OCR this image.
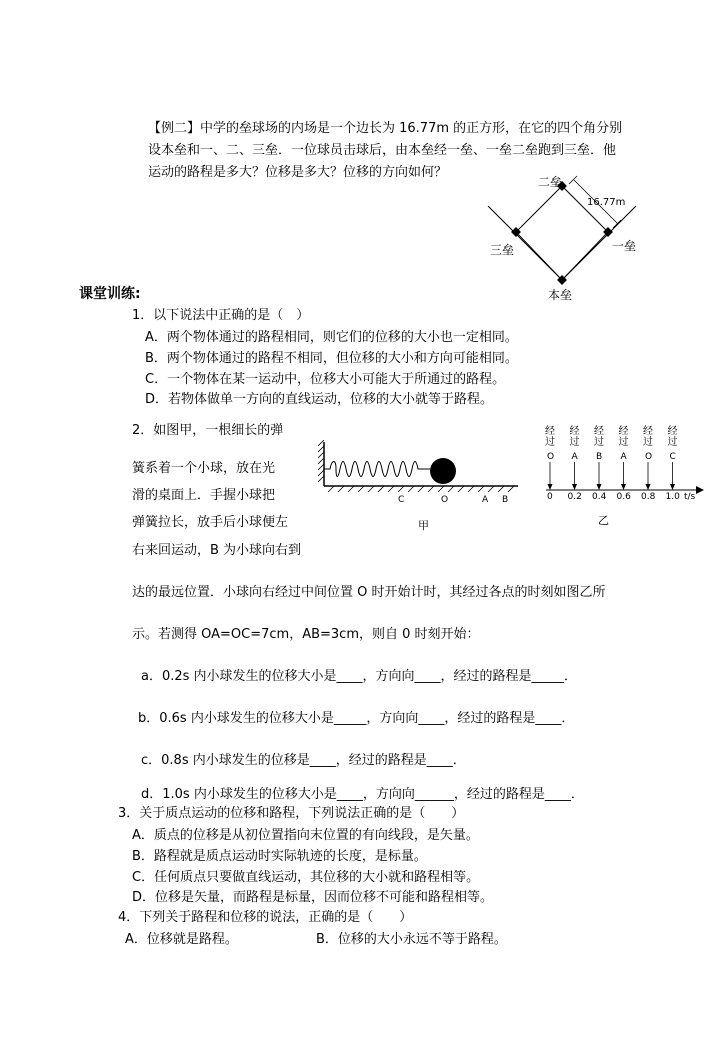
【例二】中学的垒球场的内场是一个边长为 16.77m 的正方形，在它的四个角分别
设本垒和一、二、三垒．一位球员击球后，由本垒经一垒、一垒二垒跑到三垒．他
运动的路程是多大？位移是多大？位移的方向如何？
16.77m
二垒
三垒	一垒
本垒
课堂训练:
1．以下说法中正确的是（　）
A．两个物体通过的路程相同，则它们的位移的大小也一定相同。
B．两个物体通过的路程不相同，但位移的大小和方向可能相同。
C．一个物体在某一运动中，位移大小可能大于所通过的路程。
D．若物体做单一方向的直线运动，位移的大小就等于路程。
2．如图甲，一根细长的弹
簧系着一个小球，放在光
滑的桌面上．手握小球把
弹簧拉长，放手后小球便左
右来回运动，B 为小球向右到
达的最远位置．小球向右经过中间位置 O 时开始计时，其经过各点的时刻如图乙所
示。若测得 OA=OC=7cm，AB=3cm，则自 0 时刻开始：
C	O	A B
甲
经
过
O
0
经
过
A
0.2
经
过
B
0.4
经
过
A
0.6
经
过
O
0.8
经
过
C
1.0 t/s
乙
a．0.2s 内小球发生的位移大小是____，方向向____，经过的路程是_____．
b．0.6s 内小球发生的位移大小是_____，方向向____，经过的路程是____．
c．0.8s 内小球发生的位移是____，经过的路程是____．
d．1.0s 内小球发生的位移大小是____，方向向______，经过的路程是____．
3．关于质点运动的位移和路程，下列说法正确的是（　　）
A．质点的位移是从初位置指向末位置的有向线段，是矢量。
B．路程就是质点运动时实际轨迹的长度，是标量。
C．任何质点只要做直线运动，其位移的大小就和路程相等。
D．位移是矢量，而路程是标量，因而位移不可能和路程相等。
4．下列关于路程和位移的说法，正确的是（　　）
A．位移就是路程。	B．位移的大小永远不等于路程。
